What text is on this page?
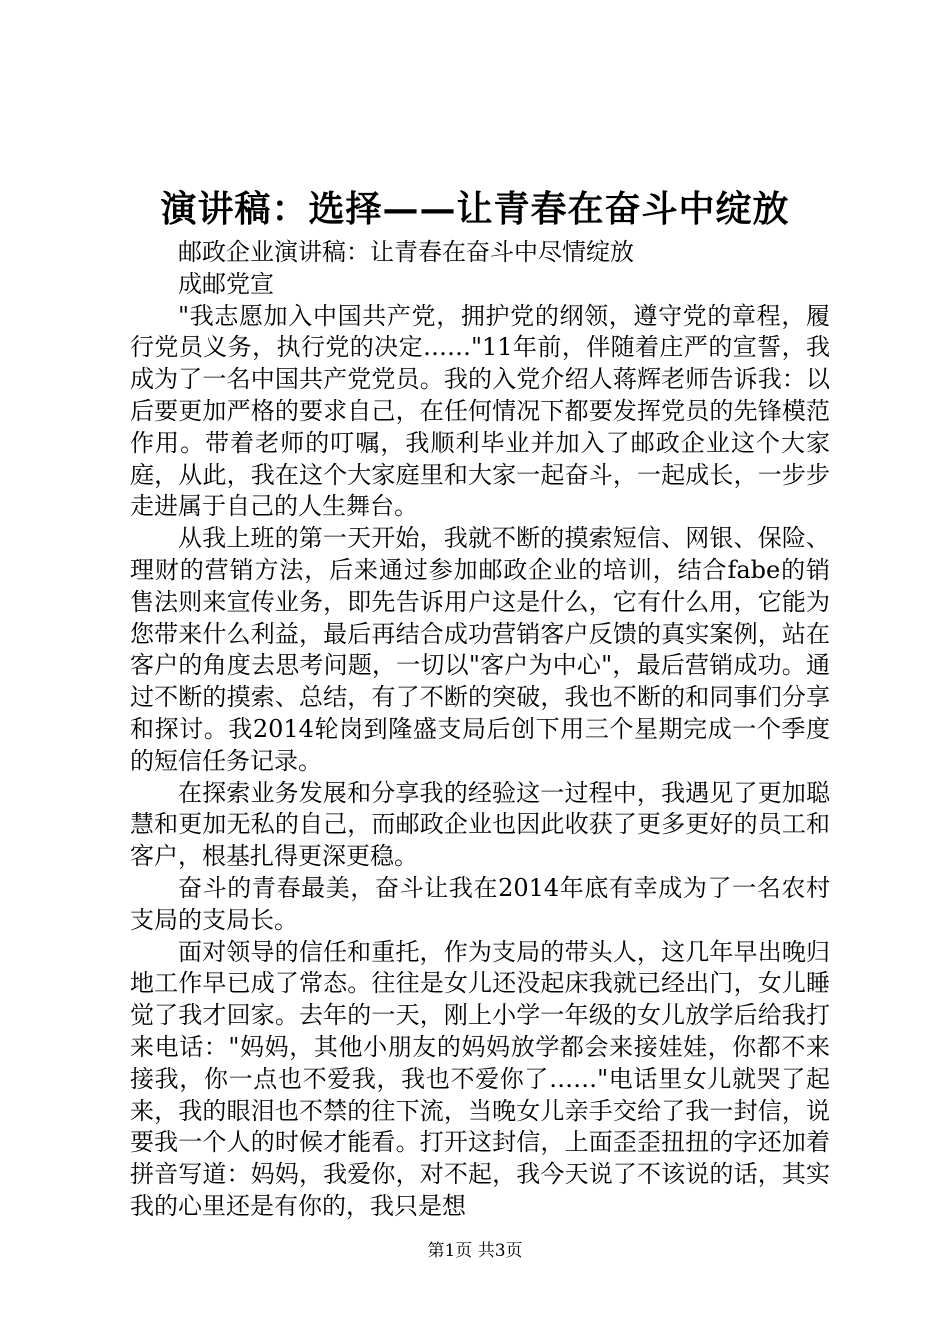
演讲稿：选择——让青春在奋斗中绽放

邮政企业演讲稿：让青春在奋斗中尽情绽放

成邮党宣

"我志愿加入中国共产党，拥护党的纲领，遵守党的章程，履行党员义务，执行党的决定……"11年前，伴随着庄严的宣誓，我成为了一名中国共产党党员。我的入党介绍人蒋辉老师告诉我：以后要更加严格的要求自己，在任何情况下都要发挥党员的先锋模范作用。带着老师的叮嘱，我顺利毕业并加入了邮政企业这个大家庭，从此，我在这个大家庭里和大家一起奋斗，一起成长，一步步走进属于自己的人生舞台。

从我上班的第一天开始，我就不断的摸索短信、网银、保险、理财的营销方法，后来通过参加邮政企业的培训，结合fabe的销售法则来宣传业务，即先告诉用户这是什么，它有什么用，它能为您带来什么利益，最后再结合成功营销客户反馈的真实案例，站在客户的角度去思考问题，一切以"客户为中心"，最后营销成功。通过不断的摸索、总结，有了不断的突破，我也不断的和同事们分享和探讨。我2014轮岗到隆盛支局后创下用三个星期完成一个季度的短信任务记录。

在探索业务发展和分享我的经验这一过程中，我遇见了更加聪慧和更加无私的自己，而邮政企业也因此收获了更多更好的员工和客户，根基扎得更深更稳。

奋斗的青春最美，奋斗让我在2014年底有幸成为了一名农村支局的支局长。

面对领导的信任和重托，作为支局的带头人，这几年早出晚归地工作早已成了常态。往往是女儿还没起床我就已经出门，女儿睡觉了我才回家。去年的一天，刚上小学一年级的女儿放学后给我打来电话："妈妈，其他小朋友的妈妈放学都会来接娃娃，你都不来接我，你一点也不爱我，我也不爱你了……"电话里女儿就哭了起来，我的眼泪也不禁的往下流，当晚女儿亲手交给了我一封信，说要我一个人的时候才能看。打开这封信，上面歪歪扭扭的字还加着拼音写道：妈妈，我爱你，对不起，我今天说了不该说的话，其实我的心里还是有你的，我只是想

第1页 共3页
